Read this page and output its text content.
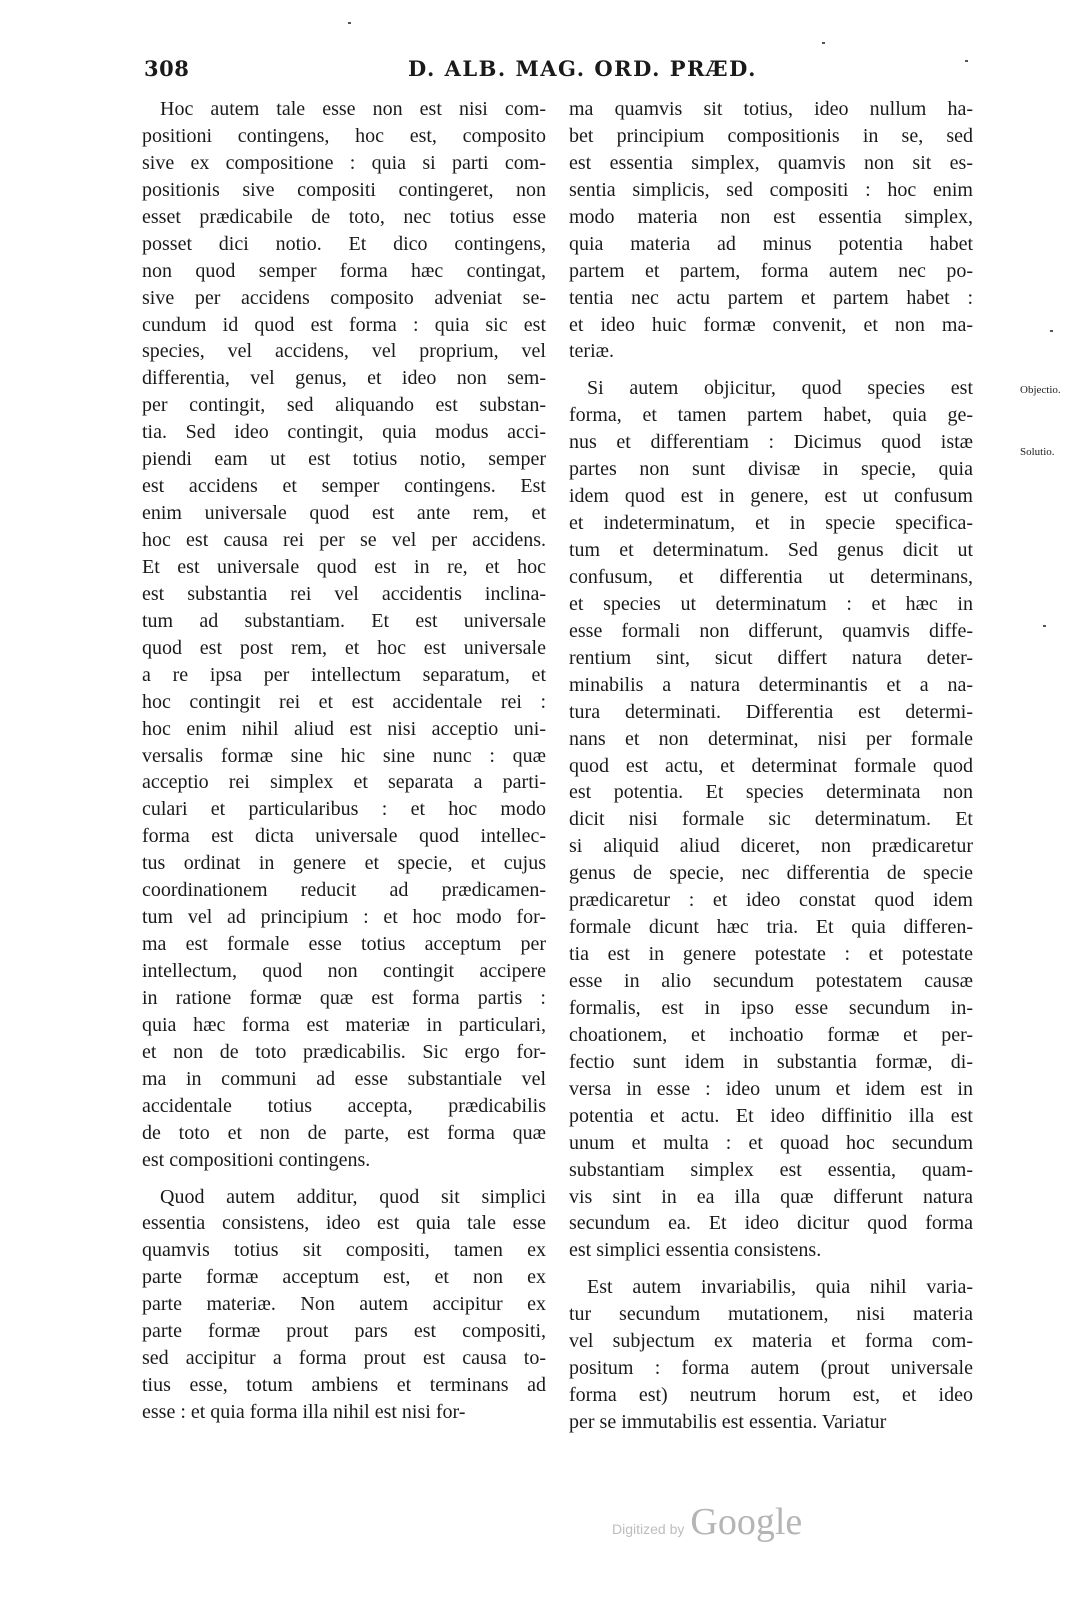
308	D. ALB. MAG. ORD. PRÆD.
Hoc autem tale esse non est nisi com-
positioni contingens, hoc est, composito
sive ex compositione : quia si parti com-
positionis sive compositi contingeret, non
esset prædicabile de toto, nec totius esse
posset dici notio. Et dico contingens,
non quod semper forma hæc contingat,
sive per accidens composito adveniat se-
cundum id quod est forma : quia sic est
species, vel accidens, vel proprium, vel
differentia, vel genus, et ideo non sem-
per contingit, sed aliquando est substan-
tia. Sed ideo contingit, quia modus acci-
piendi eam ut est totius notio, semper
est accidens et semper contingens. Est
enim universale quod est ante rem, et
hoc est causa rei per se vel per accidens.
Et est universale quod est in re, et hoc
est substantia rei vel accidentis inclina-
tum ad substantiam. Et est universale
quod est post rem, et hoc est universale
a re ipsa per intellectum separatum, et
hoc contingit rei et est accidentale rei :
hoc enim nihil aliud est nisi acceptio uni-
versalis formæ sine hic sine nunc : quæ
acceptio rei simplex et separata a parti-
culari et particularibus : et hoc modo
forma est dicta universale quod intellec-
tus ordinat in genere et specie, et cujus
coordinationem reducit ad prædicamen-
tum vel ad principium : et hoc modo for-
ma est formale esse totius acceptum per
intellectum, quod non contingit accipere
in ratione formæ quæ est forma partis :
quia hæc forma est materiæ in particulari,
et non de toto prædicabilis. Sic ergo for-
ma in communi ad esse substantiale vel
accidentale totius accepta, prædicabilis
de toto et non de parte, est forma quæ
est compositioni contingens.
Quod autem additur, quod sit simplici
essentia consistens, ideo est quia tale esse
quamvis totius sit compositi, tamen ex
parte formæ acceptum est, et non ex
parte materiæ. Non autem accipitur ex
parte formæ prout pars est compositi,
sed accipitur a forma prout est causa to-
tius esse, totum ambiens et terminans ad
esse : et quia forma illa nihil est nisi for-
ma quamvis sit totius, ideo nullum ha-
bet principium compositionis in se, sed
est essentia simplex, quamvis non sit es-
sentia simplicis, sed compositi : hoc enim
modo materia non est essentia simplex,
quia materia ad minus potentia habet
partem et partem, forma autem nec po-
tentia nec actu partem et partem habet :
et ideo huic formæ convenit, et non ma-
teriæ.
Si autem objicitur, quod species est
forma, et tamen partem habet, quia ge-
nus et differentiam : Dicimus quod istæ
partes non sunt divisæ in specie, quia
idem quod est in genere, est ut confusum
et indeterminatum, et in specie specifica-
tum et determinatum. Sed genus dicit ut
confusum, et differentia ut determinans,
et species ut determinatum : et hæc in
esse formali non differunt, quamvis diffe-
rentium sint, sicut differt natura deter-
minabilis a natura determinantis et a na-
tura determinati. Differentia est determi-
nans et non determinat, nisi per formale
quod est actu, et determinat formale quod
est potentia. Et species determinata non
dicit nisi formale sic determinatum. Et
si aliquid aliud diceret, non prædicaretur
genus de specie, nec differentia de specie
prædicaretur : et ideo constat quod idem
formale dicunt hæc tria. Et quia differen-
tia est in genere potestate : et potestate
esse in alio secundum potestatem causæ
formalis, est in ipso esse secundum in-
choationem, et inchoatio formæ et per-
fectio sunt idem in substantia formæ, di-
versa in esse : ideo unum et idem est in
potentia et actu. Et ideo diffinitio illa est
unum et multa : et quoad hoc secundum
substantiam simplex est essentia, quam-
vis sint in ea illa quæ differunt natura
secundum ea. Et ideo dicitur quod forma
est simplici essentia consistens.
Est autem invariabilis, quia nihil varia-
tur secundum mutationem, nisi materia
vel subjectum ex materia et forma com-
positum : forma autem (prout universale
forma est) neutrum horum est, et ideo
per se immutabilis est essentia. Variatur
Objectio.
Solutio.
Digitized by Google
